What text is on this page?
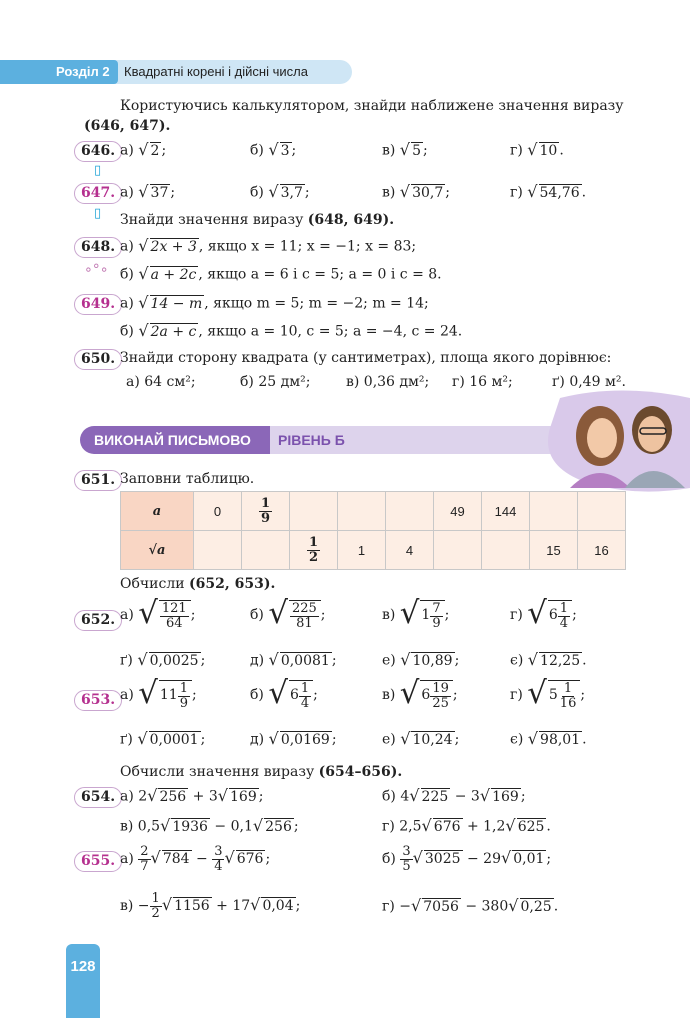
Розділ 2	Квадратні корені і дійсні числа
Користуючись калькулятором, знайди наближене значення виразу
(646, 647).
646.
▯
а) √ 2 ;	б) √ 3 ;	в) √ 5 ;	г) √ 10 .
647.
▯
а) √ 37 ;	б) √ 3,7 ;	в) √ 30,7 ;	г) √ 54,76 .
Знайди значення виразу (648, 649).
648.
∘°∘
а) √ 2x + 3 , якщо x = 11; x = −1; x = 83;
б) √ a + 2c , якщо a = 6 і c = 5; a = 0 і c = 8.
649. а) √ 14 − m , якщо m = 5; m = −2; m = 14;
б) √ 2a + c , якщо a = 10, c = 5; a = −4, c = 24.
650. Знайди сторону квадрата (у сантиметрах), площа якого дорівнює:
а) 64 см²;	б) 25 дм²;	в) 0,36 дм²; г) 16 м²;	ґ) 0,49 м².
РІВЕНЬ Б
ВИКОНАЙ ПИСЬМОВО
651. Заповни таблицю.
a	0	$\frac{1}{9}$				49	144		
√a			$\frac{1}{2}$	1	4			15	16
Обчисли (652, 653).
652. а) √ $\frac{121}{64}$ ;	б) √ $\frac{225}{81}$ ;	в) √ 1 7
9 ;	г) √ 6 1
4 ;
ґ) √ 0,0025 ;	д) √ 0,0081 ;	е) √ 10,89 ;	є) √ 12,25 .
653. а) √ 11 1
9 ;	б) √ 6 1
4 ;	в) √ 6 19
25 ;	г) √ 5 1
16 ;
ґ) √ 0,0001 ;	д) √ 0,0169 ;	е) √ 10,24 ;	є) √ 98,01 .
Обчисли значення виразу (654–656).
654. а) 2 √ 256 + 3 √ 169 ;	б) 4 √ 225 − 3 √ 169 ;
в) 0,5 √ 1936 − 0,1 √ 256 ;	г) 2,5 √ 676 + 1,2 √ 625 .
655. $а) \frac{2}{7}$ √ $784 - \frac{3}{4}$ √ 676 ;	$б) \frac{3}{5}$ √ 3025 − 29 √ 0,01 ;
$в) - \frac{1}{2}$ √ 1156 + 17 √ 0,04 ;	г) − √ 7056 − 380 √ 0,25 .
128
